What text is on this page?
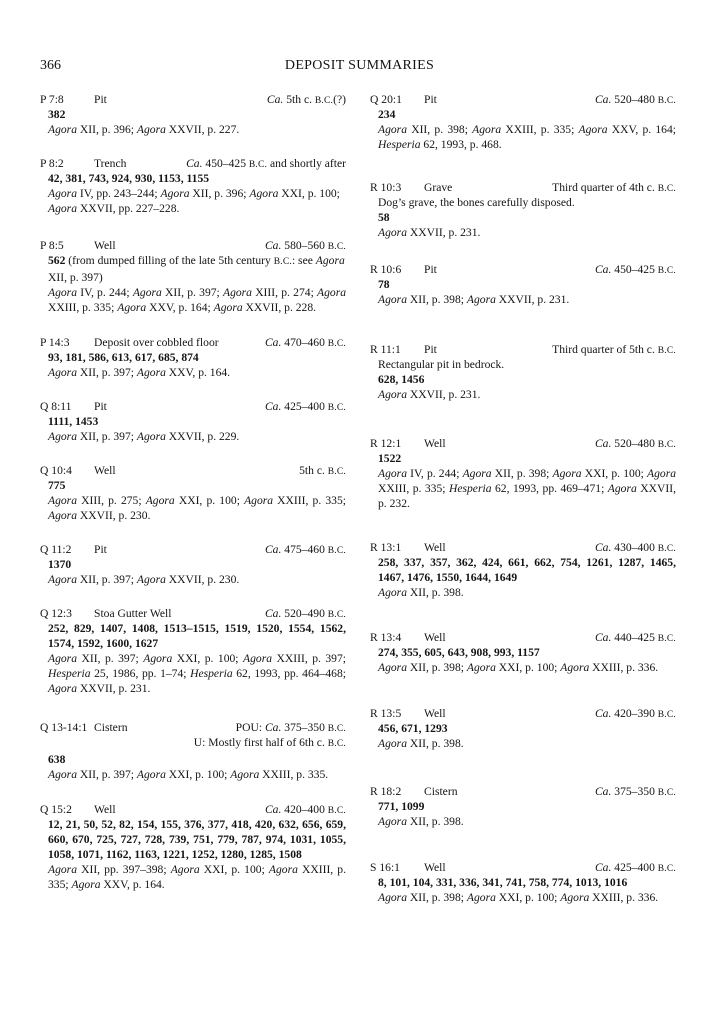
366	DEPOSIT SUMMARIES
P 7:8	Pit	Ca. 5th c. B.C.(?)
382
Agora XII, p. 396; Agora XXVII, p. 227.
P 8:2	Trench	Ca. 450–425 B.C. and shortly after
42, 381, 743, 924, 930, 1153, 1155
Agora IV, pp. 243–244; Agora XII, p. 396; Agora XXI, p. 100;
Agora XXVII, pp. 227–228.
P 8:5	Well	Ca. 580–560 B.C.
562 (from dumped filling of the late 5th century B.C.: see Agora XII, p. 397)
Agora IV, p. 244; Agora XII, p. 397; Agora XIII, p. 274; Agora XXIII, p. 335; Agora XXV, p. 164; Agora XXVII, p. 228.
P 14:3 Deposit over cobbled floor	Ca. 470–460 B.C.
93, 181, 586, 613, 617, 685, 874
Agora XII, p. 397; Agora XXV, p. 164.
Q 8:11 Pit	Ca. 425–400 B.C.
1111, 1453
Agora XII, p. 397; Agora XXVII, p. 229.
Q 10:4 Well	5th c. B.C.
775
Agora XIII, p. 275; Agora XXI, p. 100; Agora XXIII, p. 335; Agora XXVII, p. 230.
Q 11:2 Pit	Ca. 475–460 B.C.
1370
Agora XII, p. 397; Agora XXVII, p. 230.
Q 12:3 Stoa Gutter Well	Ca. 520–490 B.C.
252, 829, 1407, 1408, 1513–1515, 1519, 1520, 1554, 1562, 1574, 1592, 1600, 1627
Agora XII, p. 397; Agora XXI, p. 100; Agora XXIII, p. 397; Hesperia 25, 1986, pp. 1–74; Hesperia 62, 1993, pp. 464–468; Agora XXVII, p. 231.
Q 13-14:1 Cistern	POU: Ca. 375–350 B.C.
U: Mostly first half of 6th c. B.C.
638
Agora XII, p. 397; Agora XXI, p. 100; Agora XXIII, p. 335.
Q 15:2 Well	Ca. 420–400 B.C.
12, 21, 50, 52, 82, 154, 155, 376, 377, 418, 420, 632, 656, 659, 660, 670, 725, 727, 728, 739, 751, 779, 787, 974, 1031, 1055, 1058, 1071, 1162, 1163, 1221, 1252, 1280, 1285, 1508
Agora XII, pp. 397–398; Agora XXI, p. 100; Agora XXIII, p. 335; Agora XXV, p. 164.
Q 20:1 Pit	Ca. 520–480 B.C.
234
Agora XII, p. 398; Agora XXIII, p. 335; Agora XXV, p. 164; Hesperia 62, 1993, p. 468.
R 10:3 Grave	Third quarter of 4th c. B.C.
Dog’s grave, the bones carefully disposed.
58
Agora XXVII, p. 231.
R 10:6 Pit	Ca. 450–425 B.C.
78
Agora XII, p. 398; Agora XXVII, p. 231.
R 11:1 Pit	Third quarter of 5th c. B.C.
Rectangular pit in bedrock.
628, 1456
Agora XXVII, p. 231.
R 12:1 Well	Ca. 520–480 B.C.
1522
Agora IV, p. 244; Agora XII, p. 398; Agora XXI, p. 100; Agora XXIII, p. 335; Hesperia 62, 1993, pp. 469–471; Agora XXVII, p. 232.
R 13:1 Well	Ca. 430–400 B.C.
258, 337, 357, 362, 424, 661, 662, 754, 1261, 1287, 1465, 1467, 1476, 1550, 1644, 1649
Agora XII, p. 398.
R 13:4 Well	Ca. 440–425 B.C.
274, 355, 605, 643, 908, 993, 1157
Agora XII, p. 398; Agora XXI, p. 100; Agora XXIII, p. 336.
R 13:5 Well	Ca. 420–390 B.C.
456, 671, 1293
Agora XII, p. 398.
R 18:2 Cistern	Ca. 375–350 B.C.
771, 1099
Agora XII, p. 398.
S 16:1 Well	Ca. 425–400 B.C.
8, 101, 104, 331, 336, 341, 741, 758, 774, 1013, 1016
Agora XII, p. 398; Agora XXI, p. 100; Agora XXIII, p. 336.
